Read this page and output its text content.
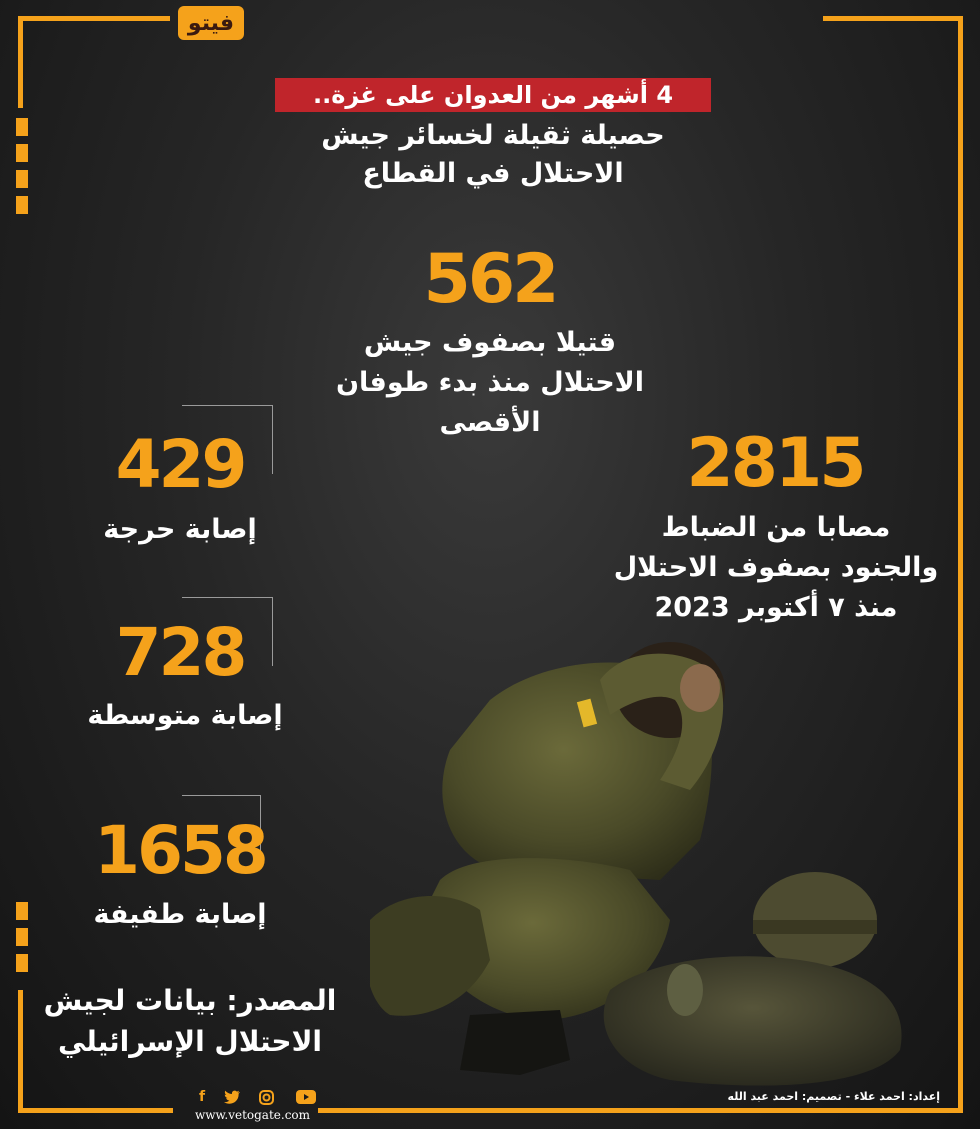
فيتو
4 أشهر من العدوان على غزة..
حصيلة ثقيلة لخسائر جيش
الاحتلال في القطاع
562
قتيلا بصفوف جيش
الاحتلال منذ بدء طوفان
الأقصى
2815
مصابا من الضباط
والجنود بصفوف الاحتلال
منذ ٧ أكتوبر 2023
429
إصابة حرجة
728
إصابة متوسطة
1658
إصابة طفيفة
المصدر: بيانات لجيش
الاحتلال الإسرائيلي
f
www.vetogate.com
إعداد: احمد علاء - تصميم: احمد عبد الله
